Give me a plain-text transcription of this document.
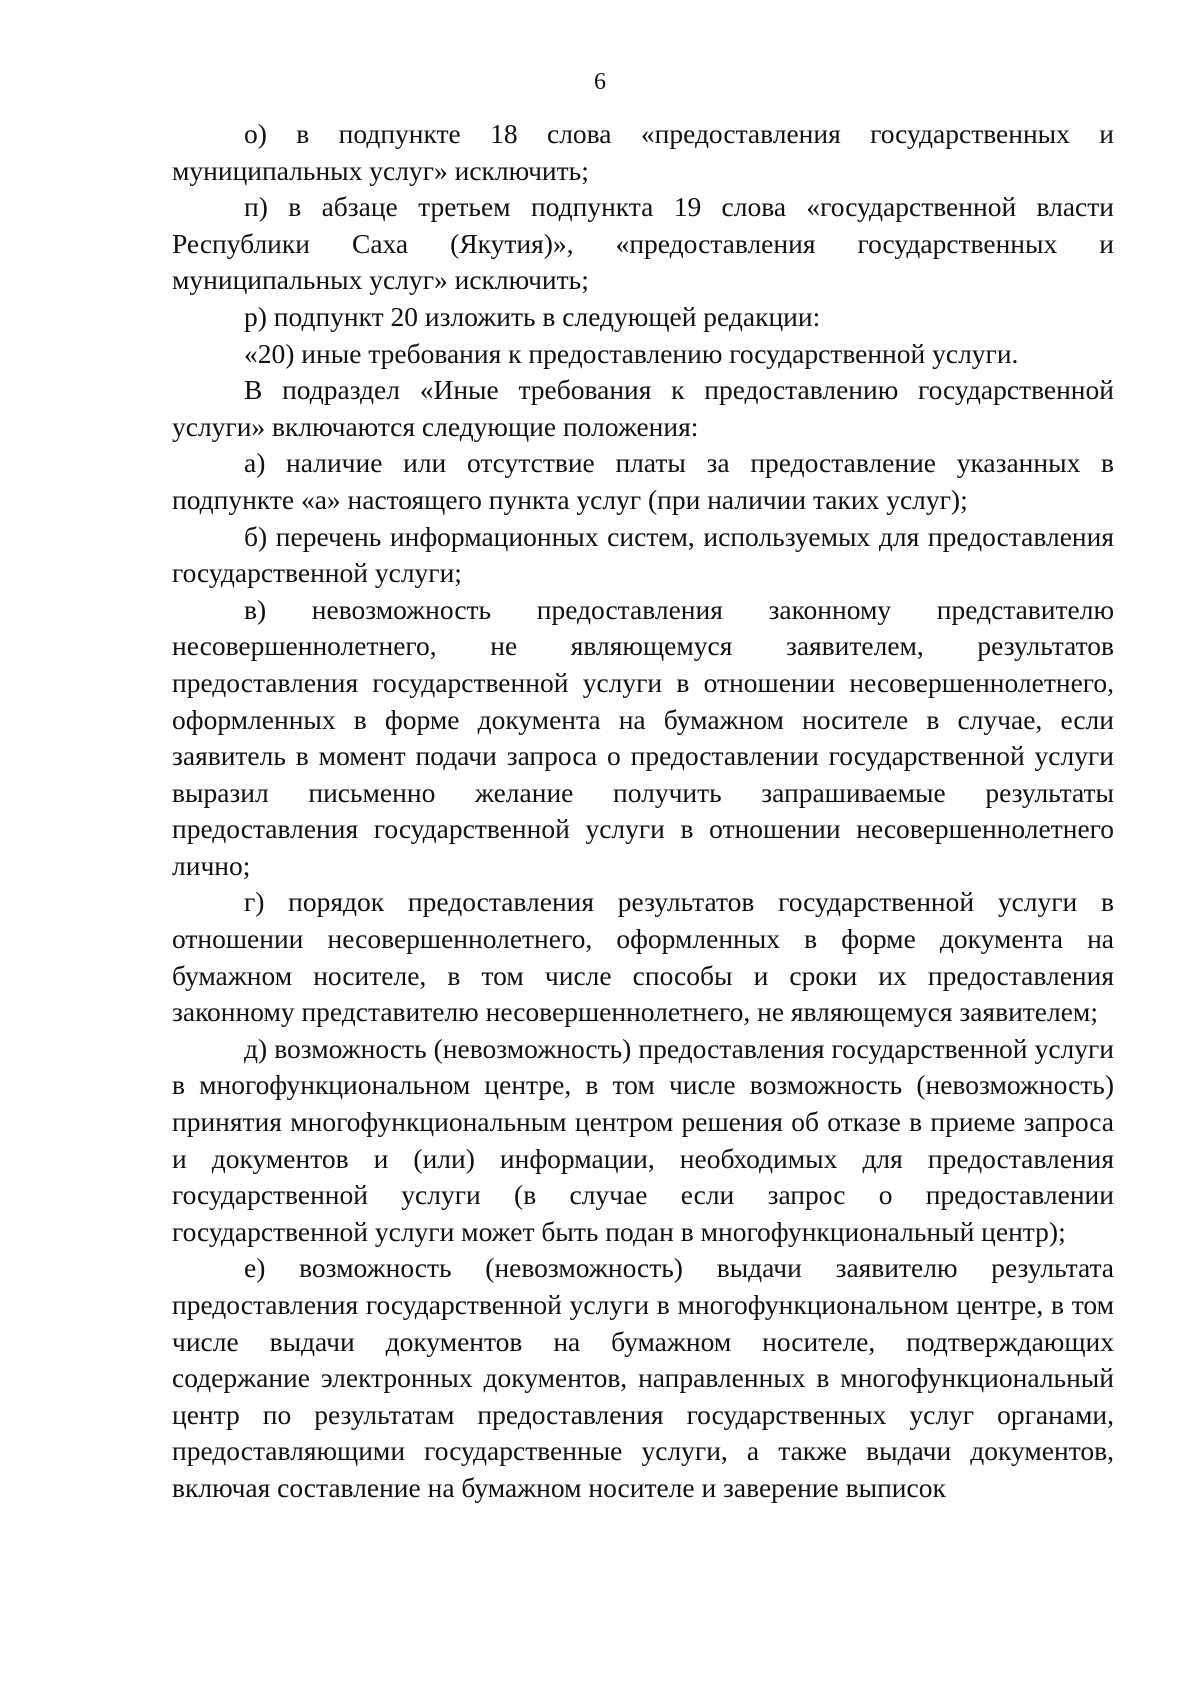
6

о) в подпункте 18 слова «предоставления государственных и муниципальных услуг» исключить;

п) в абзаце третьем подпункта 19 слова «государственной власти Республики Саха (Якутия)», «предоставления государственных и муниципальных услуг» исключить;

р) подпункт 20 изложить в следующей редакции:

«20) иные требования к предоставлению государственной услуги.

В подраздел «Иные требования к предоставлению государственной услуги» включаются следующие положения:

а) наличие или отсутствие платы за предоставление указанных в подпункте «а» настоящего пункта услуг (при наличии таких услуг);

б) перечень информационных систем, используемых для предоставления государственной услуги;

в) невозможность предоставления законному представителю несовершеннолетнего, не являющемуся заявителем, результатов предоставления государственной услуги в отношении несовершеннолетнего, оформленных в форме документа на бумажном носителе в случае, если заявитель в момент подачи запроса о предоставлении государственной услуги выразил письменно желание получить запрашиваемые результаты предоставления государственной услуги в отношении несовершеннолетнего лично;

г) порядок предоставления результатов государственной услуги в отношении несовершеннолетнего, оформленных в форме документа на бумажном носителе, в том числе способы и сроки их предоставления законному представителю несовершеннолетнего, не являющемуся заявителем;

д) возможность (невозможность) предоставления государственной услуги в многофункциональном центре, в том числе возможность (невозможность) принятия многофункциональным центром решения об отказе в приеме запроса и документов и (или) информации, необходимых для предоставления государственной услуги (в случае если запрос о предоставлении государственной услуги может быть подан в многофункциональный центр);

е) возможность (невозможность) выдачи заявителю результата предоставления государственной услуги в многофункциональном центре, в том числе выдачи документов на бумажном носителе, подтверждающих содержание электронных документов, направленных в многофункциональный центр по результатам предоставления государственных услуг органами, предоставляющими государственные услуги, а также выдачи документов, включая составление на бумажном носителе и заверение выписок
